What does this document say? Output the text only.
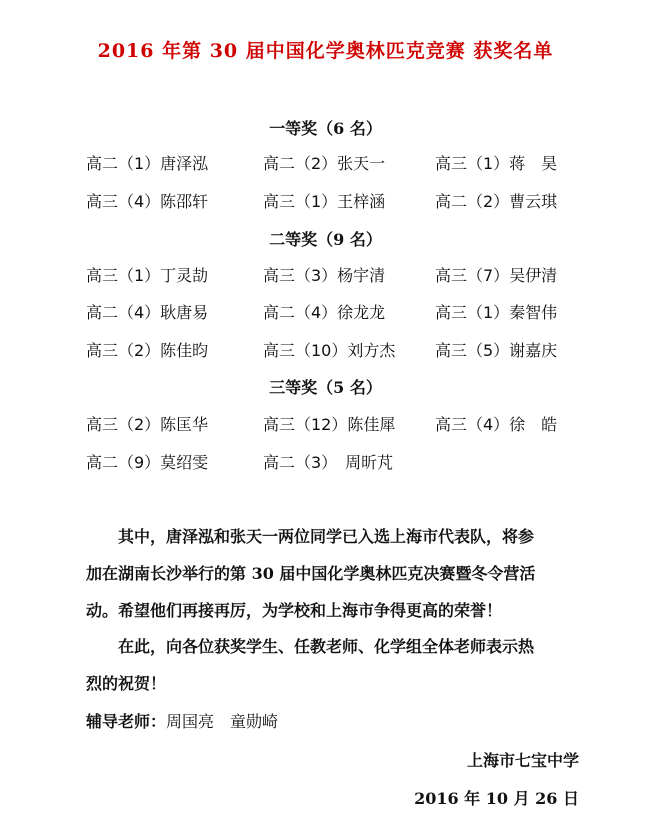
2016 年第 30 届中国化学奥林匹克竞赛 获奖名单
一等奖（6 名）
高二（1）唐泽泓	高二（2）张天一	高三（1）蒋　昊
高三（4）陈邵轩	高三（1）王梓涵	高二（2）曹云琪
二等奖（9 名）
高三（1）丁灵劼	高三（3）杨宇清	高三（7）吴伊清
高二（4）耿唐易	高二（4）徐龙龙	高三（1）秦智伟
高三（2）陈佳昀	高三（10）刘方杰 高三（5）谢嘉庆
三等奖（5 名）
高三（2）陈匡华	高三（12）陈佳犀 高三（4）徐　皓
高二（9）莫绍雯	高二（3）　周昕芃
　　其中，唐泽泓和张天一两位同学已入选上海市代表队，将参
加在湖南长沙举行的第 30 届中国化学奥林匹克决赛暨冬令营活
动。希望他们再接再厉，为学校和上海市争得更高的荣誉！
　　在此，向各位获奖学生、任教老师、化学组全体老师表示热
烈的祝贺！
辅导老师：周国亮　童勋崎
上海市七宝中学
2016 年 10 月 26 日
